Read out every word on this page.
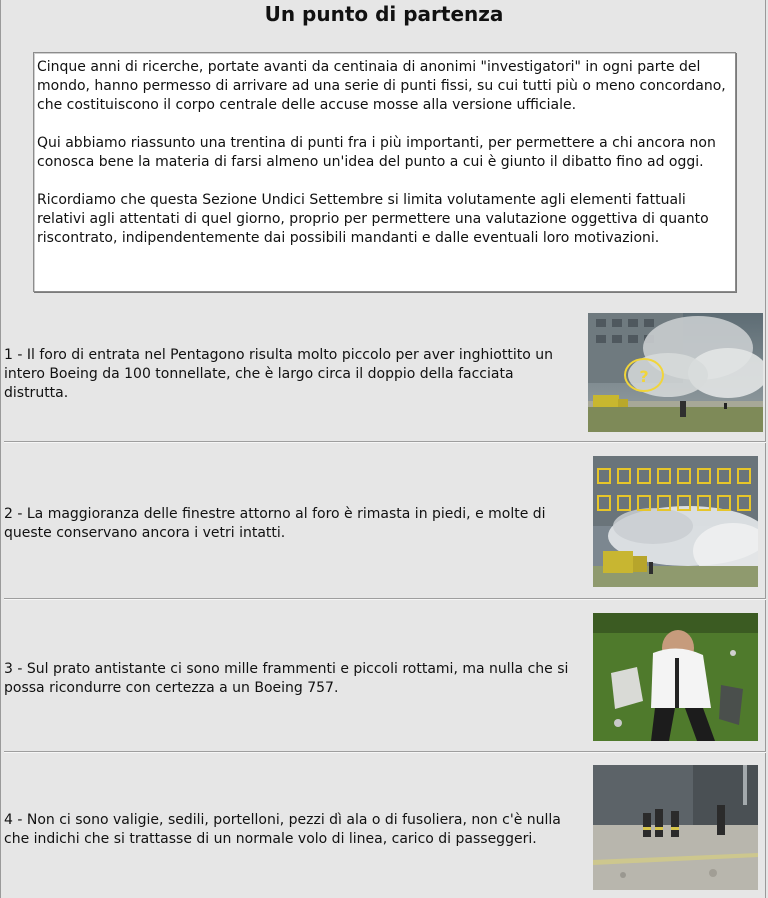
Un punto di partenza

Cinque anni di ricerche, portate avanti da centinaia di anonimi "investigatori" in ogni parte del mondo, hanno permesso di arrivare ad una serie di punti fissi, su cui tutti più o meno concordano, che costituiscono il corpo centrale delle accuse mosse alla versione ufficiale.

Qui abbiamo riassunto una trentina di punti fra i più importanti, per permettere a chi ancora non conosca bene la materia di farsi almeno un'idea del punto a cui è giunto il dibatto fino ad oggi.

Ricordiamo che questa Sezione Undici Settembre si limita volutamente agli elementi fattuali relativi agli attentati di quel giorno, proprio per permettere una valutazione oggettiva di quanto riscontrato, indipendentemente dai possibili mandanti e dalle eventuali loro motivazioni.

1 - Il foro di entrata nel Pentagono risulta molto piccolo per aver inghiottito un intero Boeing da 100 tonnellate, che è largo circa il doppio della facciata distrutta.
?
2 - La maggioranza delle finestre attorno al foro è rimasta in piedi, e molte di queste conservano ancora i vetri intatti.
3 - Sul prato antistante ci sono mille frammenti e piccoli rottami, ma nulla che si possa ricondurre con certezza a un Boeing 757.
4 - Non ci sono valigie, sedili, portelloni, pezzi dì ala o di fusoliera, non c'è nulla che indichi che si trattasse di un normale volo di linea, carico di passeggeri.
